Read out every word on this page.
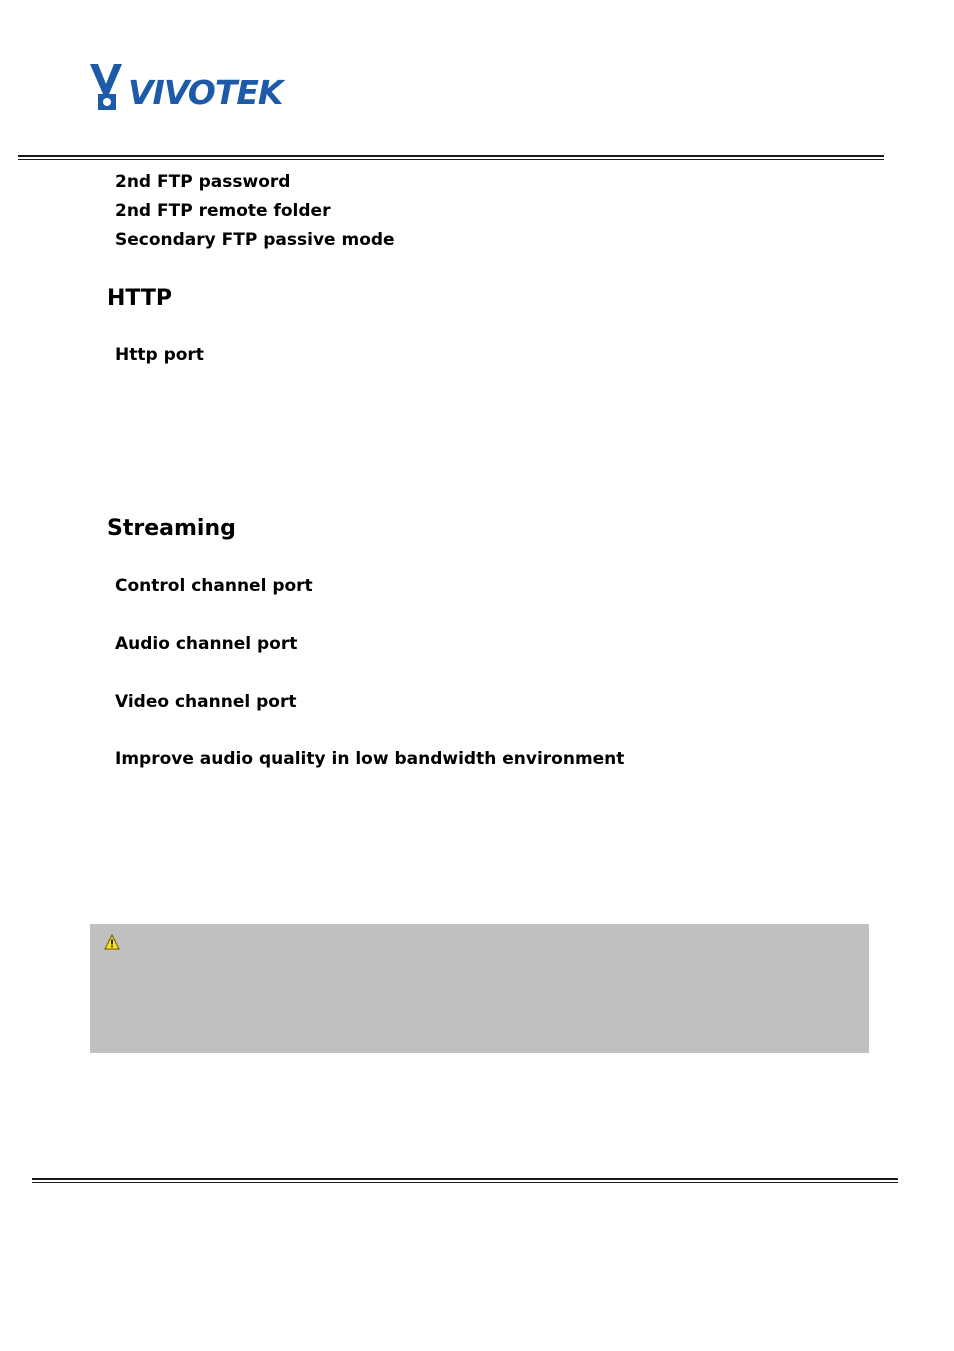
VIVOTEK
2nd FTP password
2nd FTP remote folder
Secondary FTP passive mode
HTTP
Http port
Streaming
Control channel port
Audio channel port
Video channel port
Improve audio quality in low bandwidth environment
